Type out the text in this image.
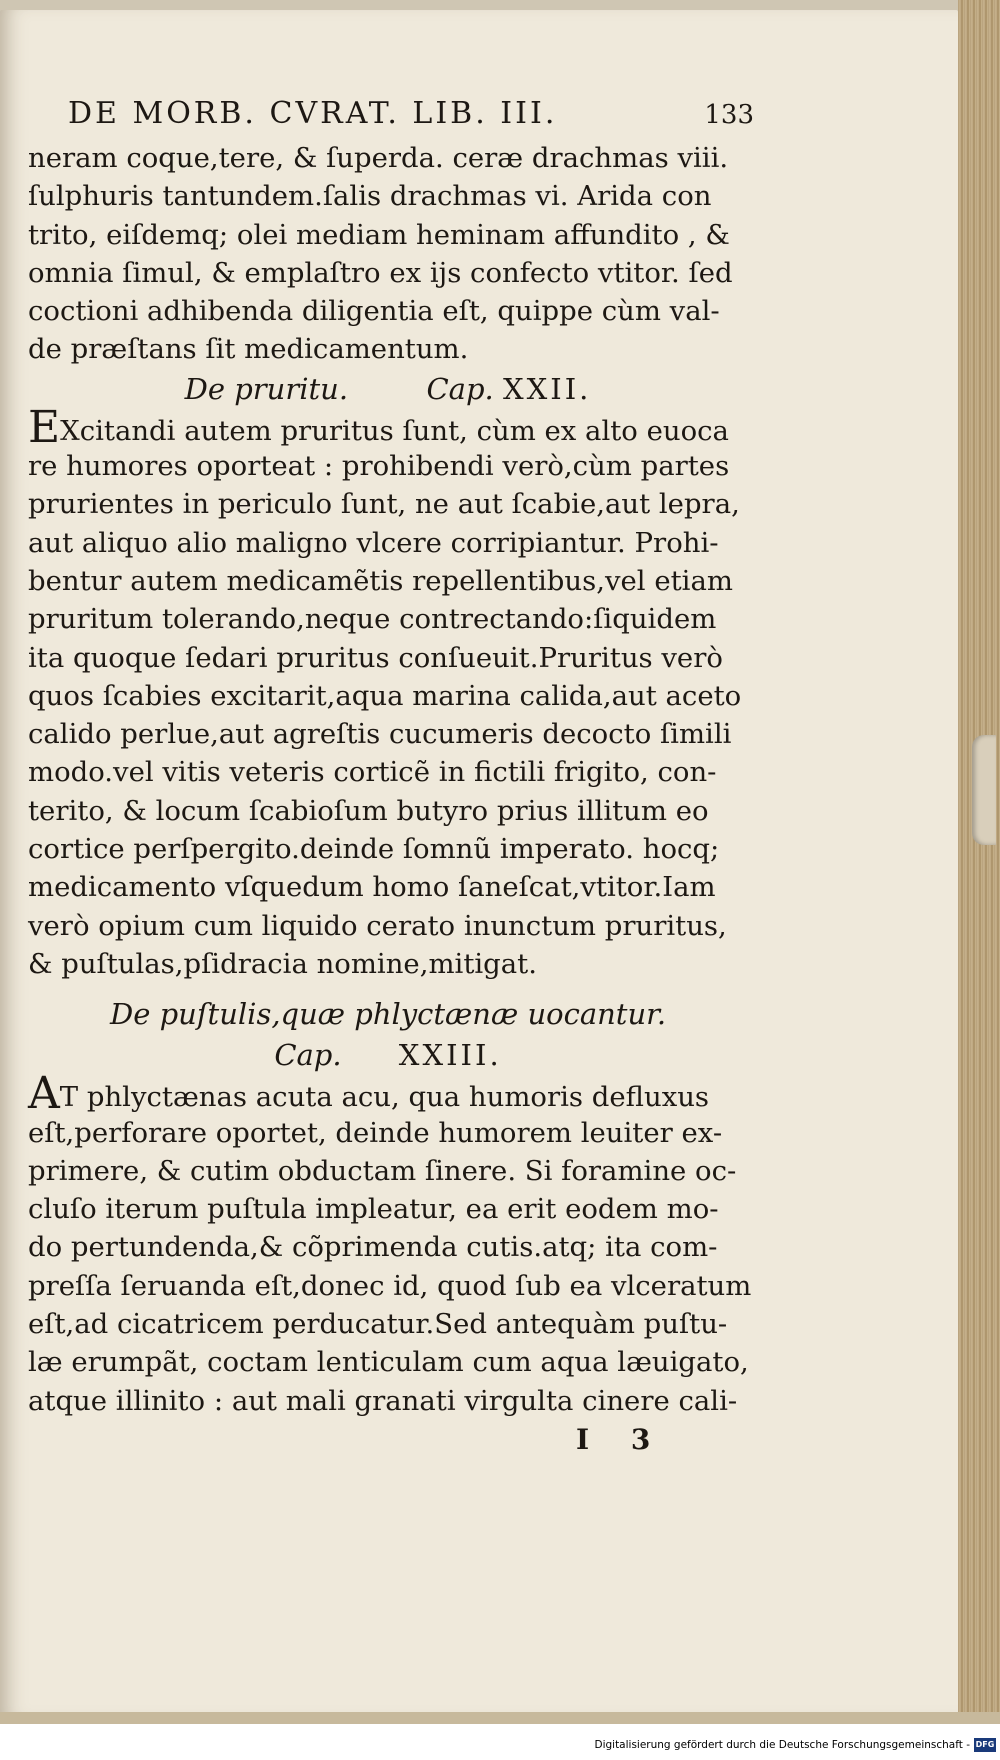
DE MORB. CVRAT. LIB. III.	133
neram coque,tere, & ſuperda. ceræ drachmas viii.
ſulphuris tantundem.ſalis drachmas vi. Arida con
trito, eiſdemq; olei mediam heminam affundito , &
omnia ſimul, & emplaſtro ex ijs confecto vtitor. ſed
coctioni adhibenda diligentia eſt, quippe cùm val-
de præſtans ſit medicamentum.
De pruritu.	Cap. XXII.
EXcitandi autem pruritus ſunt, cùm ex alto euoca
re humores oporteat : prohibendi verò,cùm partes
prurientes in periculo ſunt, ne aut ſcabie,aut lepra,
aut aliquo alio maligno vlcere corripiantur. Prohi-
bentur autem medicamẽtis repellentibus,vel etiam
pruritum tolerando,neque contrectando:ſiquidem
ita quoque ſedari pruritus conſueuit.Pruritus verò
quos ſcabies excitarit,aqua marina calida,aut aceto
calido perlue,aut agreſtis cucumeris decocto ſimili
modo.vel vitis veteris corticẽ in fictili frigito, con-
terito, & locum ſcabioſum butyro prius illitum eo
cortice perſpergito.deinde ſomnũ imperato. hocq;
medicamento vſquedum homo ſaneſcat,vtitor.Iam
verò opium cum liquido cerato inunctum pruritus,
& puſtulas,pſidracia nomine,mitigat.
De puſtulis,quæ phlyctænæ uocantur.
Cap. XXIII.
AT phlyctænas acuta acu, qua humoris defluxus
eſt,perforare oportet, deinde humorem leuiter ex-
primere, & cutim obductam ſinere. Si foramine oc-
cluſo iterum puſtula impleatur, ea erit eodem mo-
do pertundenda,& cõprimenda cutis.atq; ita com-
preſſa ſeruanda eſt,donec id, quod ſub ea vlceratum
eſt,ad cicatricem perducatur.Sed antequàm puſtu-
læ erumpãt, coctam lenticulam cum aqua læuigato,
atque illinito : aut mali granati virgulta cinere cali-
I 3
Digitalisierung gefördert durch die Deutsche Forschungsgemeinschaft - DFG
